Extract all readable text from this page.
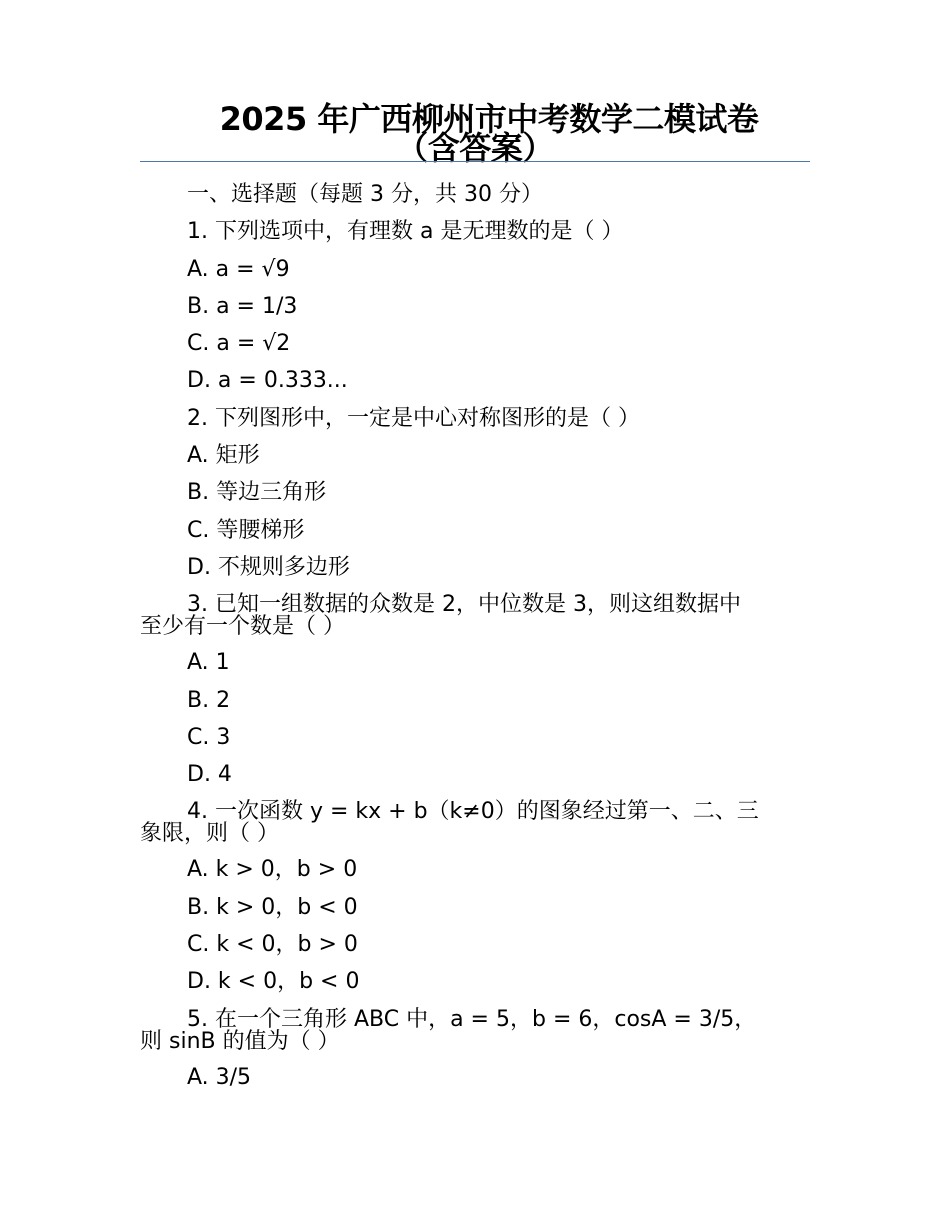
2025 年广西柳州市中考数学二模试卷
（含答案）
一、选择题（每题 3 分，共 30 分）
1. 下列选项中，有理数 a 是无理数的是（ ）
A. a = √9
B. a = 1/3
C. a = √2
D. a = 0.333...
2. 下列图形中，一定是中心对称图形的是（ ）
A. 矩形
B. 等边三角形
C. 等腰梯形
D. 不规则多边形
3. 已知一组数据的众数是 2，中位数是 3，则这组数据中
至少有一个数是（ ）
A. 1
B. 2
C. 3
D. 4
4. 一次函数 y = kx + b（k≠0）的图象经过第一、二、三
象限，则（ ）
A. k > 0，b > 0
B. k > 0，b < 0
C. k < 0，b > 0
D. k < 0，b < 0
5. 在一个三角形 ABC 中，a = 5，b = 6，cosA = 3/5，
则 sinB 的值为（ ）
A. 3/5
